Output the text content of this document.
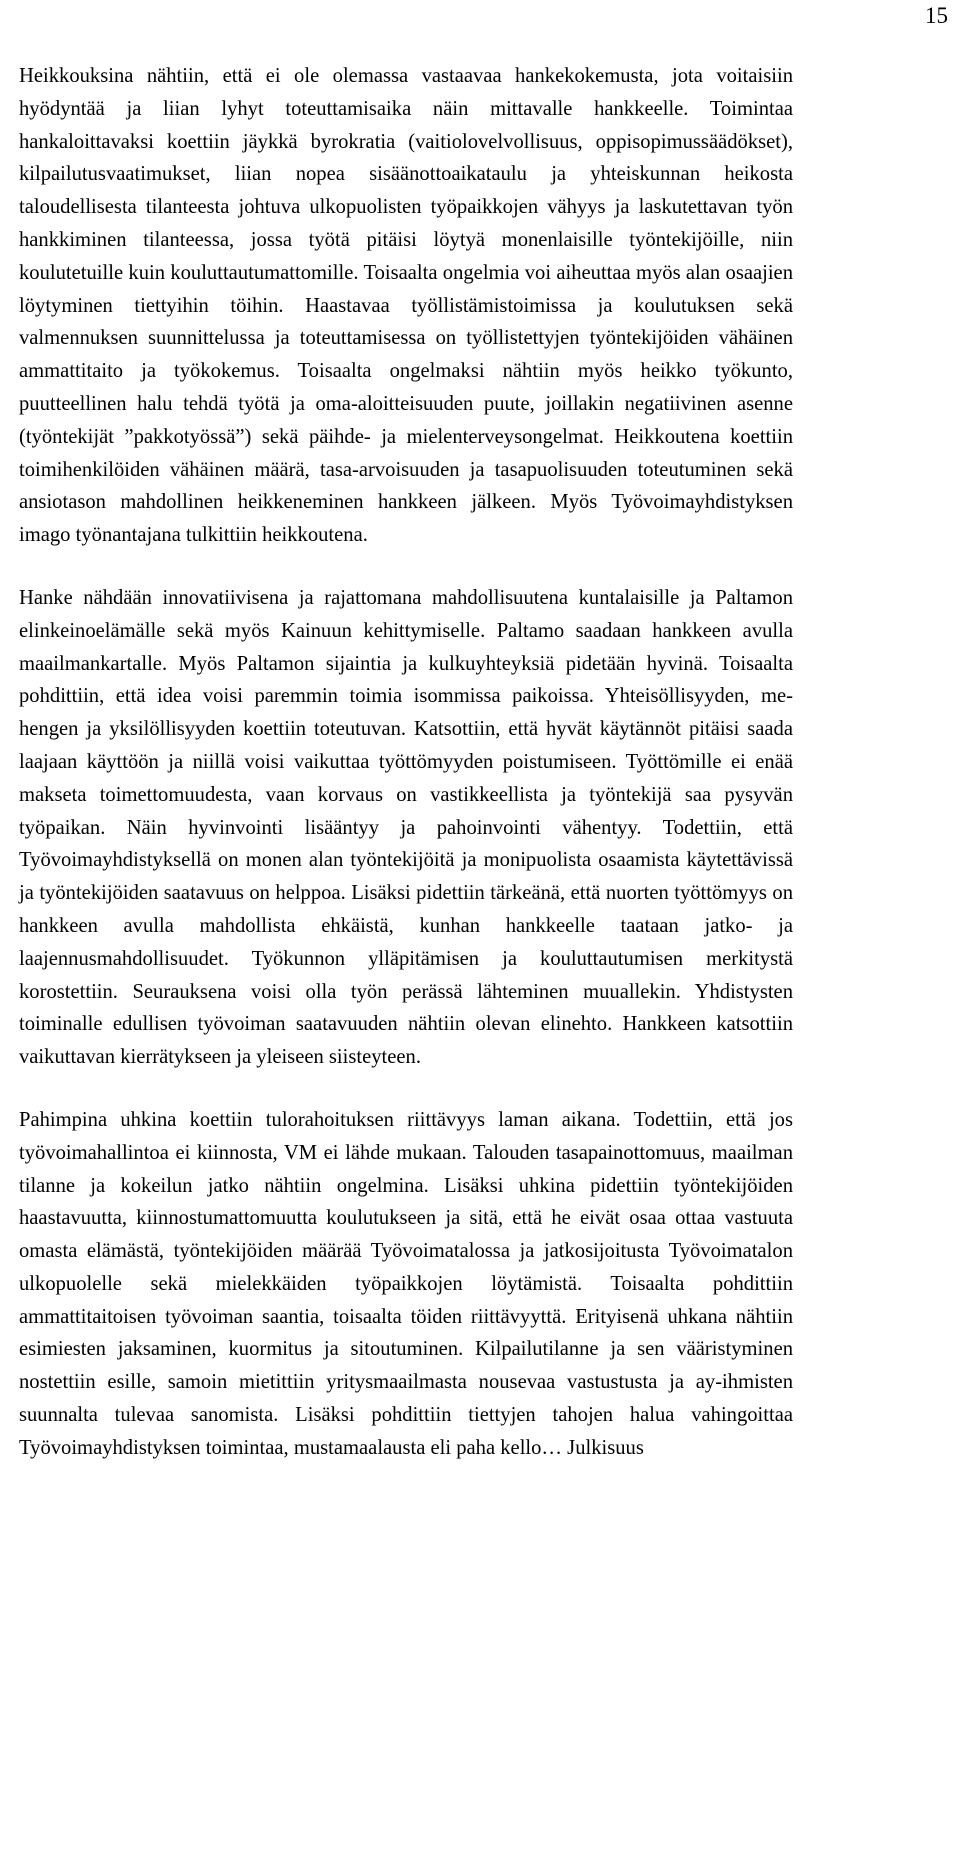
15

Heikkouksina nähtiin, että ei ole olemassa vastaavaa hankekokemusta, jota voitaisiin hyödyntää ja liian lyhyt toteuttamisaika näin mittavalle hankkeelle. Toimintaa hankaloittavaksi koettiin jäykkä byrokratia (vaitiolovelvollisuus, oppisopimussäädökset), kilpailutusvaatimukset, liian nopea sisäänottoaikataulu ja yhteiskunnan heikosta taloudellisesta tilanteesta johtuva ulkopuolisten työpaikkojen vähyys ja laskutettavan työn hankkiminen tilanteessa, jossa työtä pitäisi löytyä monenlaisille työntekijöille, niin koulutetuille kuin kouluttautumattomille. Toisaalta ongelmia voi aiheuttaa myös alan osaajien löytyminen tiettyihin töihin. Haastavaa työllistämistoimissa ja koulutuksen sekä valmennuksen suunnittelussa ja toteuttamisessa on työllistettyjen työntekijöiden vähäinen ammattitaito ja työkokemus. Toisaalta ongelmaksi nähtiin myös heikko työkunto, puutteellinen halu tehdä työtä ja oma-aloitteisuuden puute, joillakin negatiivinen asenne (työntekijät ”pakkotyössä”) sekä päihde- ja mielenterveysongelmat. Heikkoutena koettiin toimihenkilöiden vähäinen määrä, tasa-arvoisuuden ja tasapuolisuuden toteutuminen sekä ansiotason mahdollinen heikkeneminen hankkeen jälkeen. Myös Työvoimayhdistyksen imago työnantajana tulkittiin heikkoutena.

Hanke nähdään innovatiivisena ja rajattomana mahdollisuutena kuntalaisille ja Paltamon elinkeinoelämälle sekä myös Kainuun kehittymiselle. Paltamo saadaan hankkeen avulla maailmankartalle. Myös Paltamon sijaintia ja kulkuyhteyksiä pidetään hyvinä. Toisaalta pohdittiin, että idea voisi paremmin toimia isommissa paikoissa. Yhteisöllisyyden, me-hengen ja yksilöllisyyden koettiin toteutuvan. Katsottiin, että hyvät käytännöt pitäisi saada laajaan käyttöön ja niillä voisi vaikuttaa työttömyyden poistumiseen. Työttömille ei enää makseta toimettomuudesta, vaan korvaus on vastikkeellista ja työntekijä saa pysyvän työpaikan. Näin hyvinvointi lisääntyy ja pahoinvointi vähentyy. Todettiin, että Työvoimayhdistyksellä on monen alan työntekijöitä ja monipuolista osaamista käytettävissä ja työntekijöiden saatavuus on helppoa. Lisäksi pidettiin tärkeänä, että nuorten työttömyys on hankkeen avulla mahdollista ehkäistä, kunhan hankkeelle taataan jatko- ja laajennusmahdollisuudet. Työkunnon ylläpitämisen ja kouluttautumisen merkitystä korostettiin. Seurauksena voisi olla työn perässä lähteminen muuallekin. Yhdistysten toiminalle edullisen työvoiman saatavuuden nähtiin olevan elinehto. Hankkeen katsottiin vaikuttavan kierrätykseen ja yleiseen siisteyteen.

Pahimpina uhkina koettiin tulorahoituksen riittävyys laman aikana. Todettiin, että jos työvoimahallintoa ei kiinnosta, VM ei lähde mukaan. Talouden tasapainottomuus, maailman tilanne ja kokeilun jatko nähtiin ongelmina. Lisäksi uhkina pidettiin työntekijöiden haastavuutta, kiinnostumattomuutta koulutukseen ja sitä, että he eivät osaa ottaa vastuuta omasta elämästä, työntekijöiden määrää Työvoimatalossa ja jatkosijoitusta Työvoimatalon ulkopuolelle sekä mielekkäiden työpaikkojen löytämistä. Toisaalta pohdittiin ammattitaitoisen työvoiman saantia, toisaalta töiden riittävyyttä. Erityisenä uhkana nähtiin esimiesten jaksaminen, kuormitus ja sitoutuminen. Kilpailutilanne ja sen vääristyminen nostettiin esille, samoin mietittiin yritysmaailmasta nousevaa vastustusta ja ay-ihmisten suunnalta tulevaa sanomista. Lisäksi pohdittiin tiettyjen tahojen halua vahingoittaa Työvoimayhdistyksen toimintaa, mustamaalausta eli paha kello… Julkisuus
